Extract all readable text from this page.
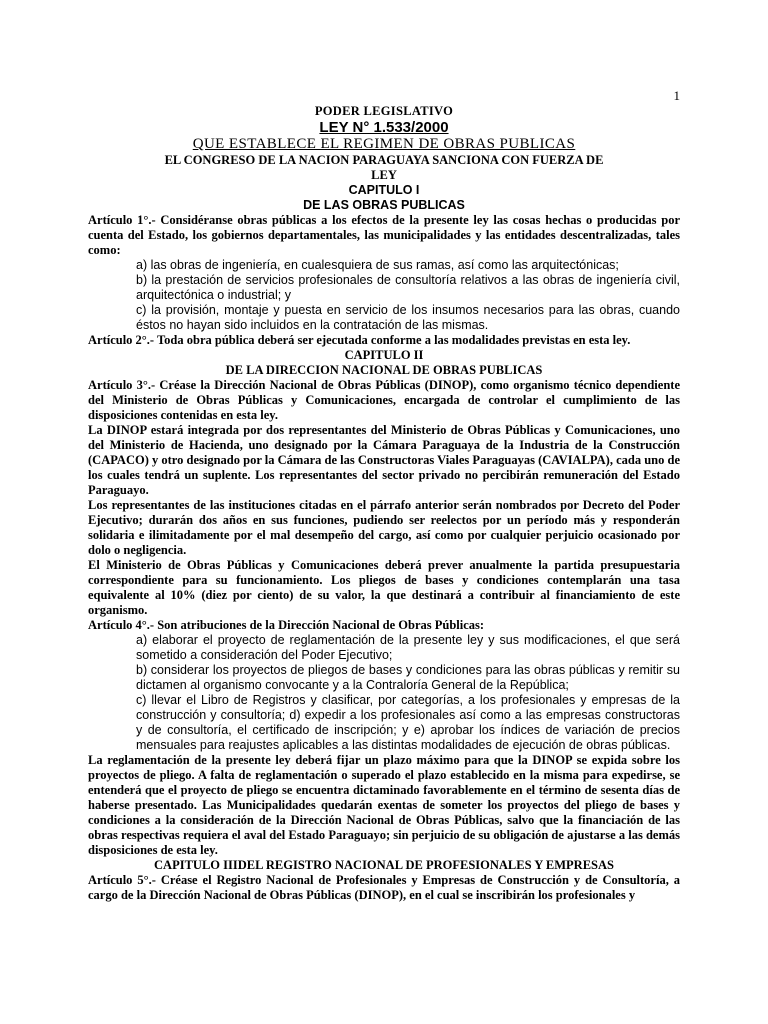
1

PODER LEGISLATIVO

LEY N° 1.533/2000

QUE ESTABLECE EL REGIMEN DE OBRAS PUBLICAS

EL CONGRESO DE LA NACION PARAGUAYA SANCIONA CON FUERZA DE

LEY

CAPITULO I

DE LAS OBRAS PUBLICAS

Artículo 1°.- Considéranse obras públicas a los efectos de la presente ley las cosas hechas o producidas por cuenta del Estado, los gobiernos departamentales, las municipalidades y las entidades descentralizadas, tales como:

a) las obras de ingeniería, en cualesquiera de sus ramas, así como las arquitectónicas;

b) la prestación de servicios profesionales de consultoría relativos a las obras de ingeniería civil, arquitectónica o industrial; y

c) la provisión, montaje y puesta en servicio de los insumos necesarios para las obras, cuando éstos no hayan sido incluidos en la contratación de las mismas.

Artículo 2°.- Toda obra pública deberá ser ejecutada conforme a las modalidades previstas en esta ley.

CAPITULO II

DE LA DIRECCION NACIONAL DE OBRAS PUBLICAS

Artículo 3°.- Créase la Dirección Nacional de Obras Públicas (DINOP), como organismo técnico dependiente del Ministerio de Obras Públicas y Comunicaciones, encargada de controlar el cumplimiento de las disposiciones contenidas en esta ley.

La DINOP estará integrada por dos representantes del Ministerio de Obras Públicas y Comunicaciones, uno del Ministerio de Hacienda, uno designado por la Cámara Paraguaya de la Industria de la Construcción (CAPACO) y otro designado por la Cámara de las Constructoras Viales Paraguayas (CAVIALPA), cada uno de los cuales tendrá un suplente. Los representantes del sector privado no percibirán remuneración del Estado Paraguayo.

Los representantes de las instituciones citadas en el párrafo anterior serán nombrados por Decreto del Poder Ejecutivo; durarán dos años en sus funciones, pudiendo ser reelectos por un período más y responderán solidaria e ilimitadamente por el mal desempeño del cargo, así como por cualquier perjuicio ocasionado por dolo o negligencia.

El Ministerio de Obras Públicas y Comunicaciones deberá prever anualmente la partida presupuestaria correspondiente para su funcionamiento. Los pliegos de bases y condiciones contemplarán una tasa equivalente al 10% (diez por ciento) de su valor, la que destinará a contribuir al financiamiento de este organismo.

Artículo 4°.- Son atribuciones de la Dirección Nacional de Obras Públicas:

a) elaborar el proyecto de reglamentación de la presente ley y sus modificaciones, el que será sometido a consideración del Poder Ejecutivo;

b) considerar los proyectos de pliegos de bases y condiciones para las obras públicas y remitir su dictamen al organismo convocante y a la Contraloría General de la República;

c) llevar el Libro de Registros y clasificar, por categorías, a los profesionales y empresas de la construcción y consultoría; d) expedir a los profesionales así como a las empresas constructoras y de consultoría, el certificado de inscripción; y e) aprobar los índices de variación de precios mensuales para reajustes aplicables a las distintas modalidades de ejecución de obras públicas.

La reglamentación de la presente ley deberá fijar un plazo máximo para que la DINOP se expida sobre los proyectos de pliego. A falta de reglamentación o superado el plazo establecido en la misma para expedirse, se entenderá que el proyecto de pliego se encuentra dictaminado favorablemente en el término de sesenta días de haberse presentado. Las Municipalidades quedarán exentas de someter los proyectos del pliego de bases y condiciones a la consideración de la Dirección Nacional de Obras Públicas, salvo que la financiación de las obras respectivas requiera el aval del Estado Paraguayo; sin perjuicio de su obligación de ajustarse a las demás disposiciones de esta ley.

CAPITULO IIIDEL REGISTRO NACIONAL DE PROFESIONALES Y EMPRESAS

Artículo 5°.- Créase el Registro Nacional de Profesionales y Empresas de Construcción y de Consultoría, a cargo de la Dirección Nacional de Obras Públicas (DINOP), en el cual se inscribirán los profesionales y
